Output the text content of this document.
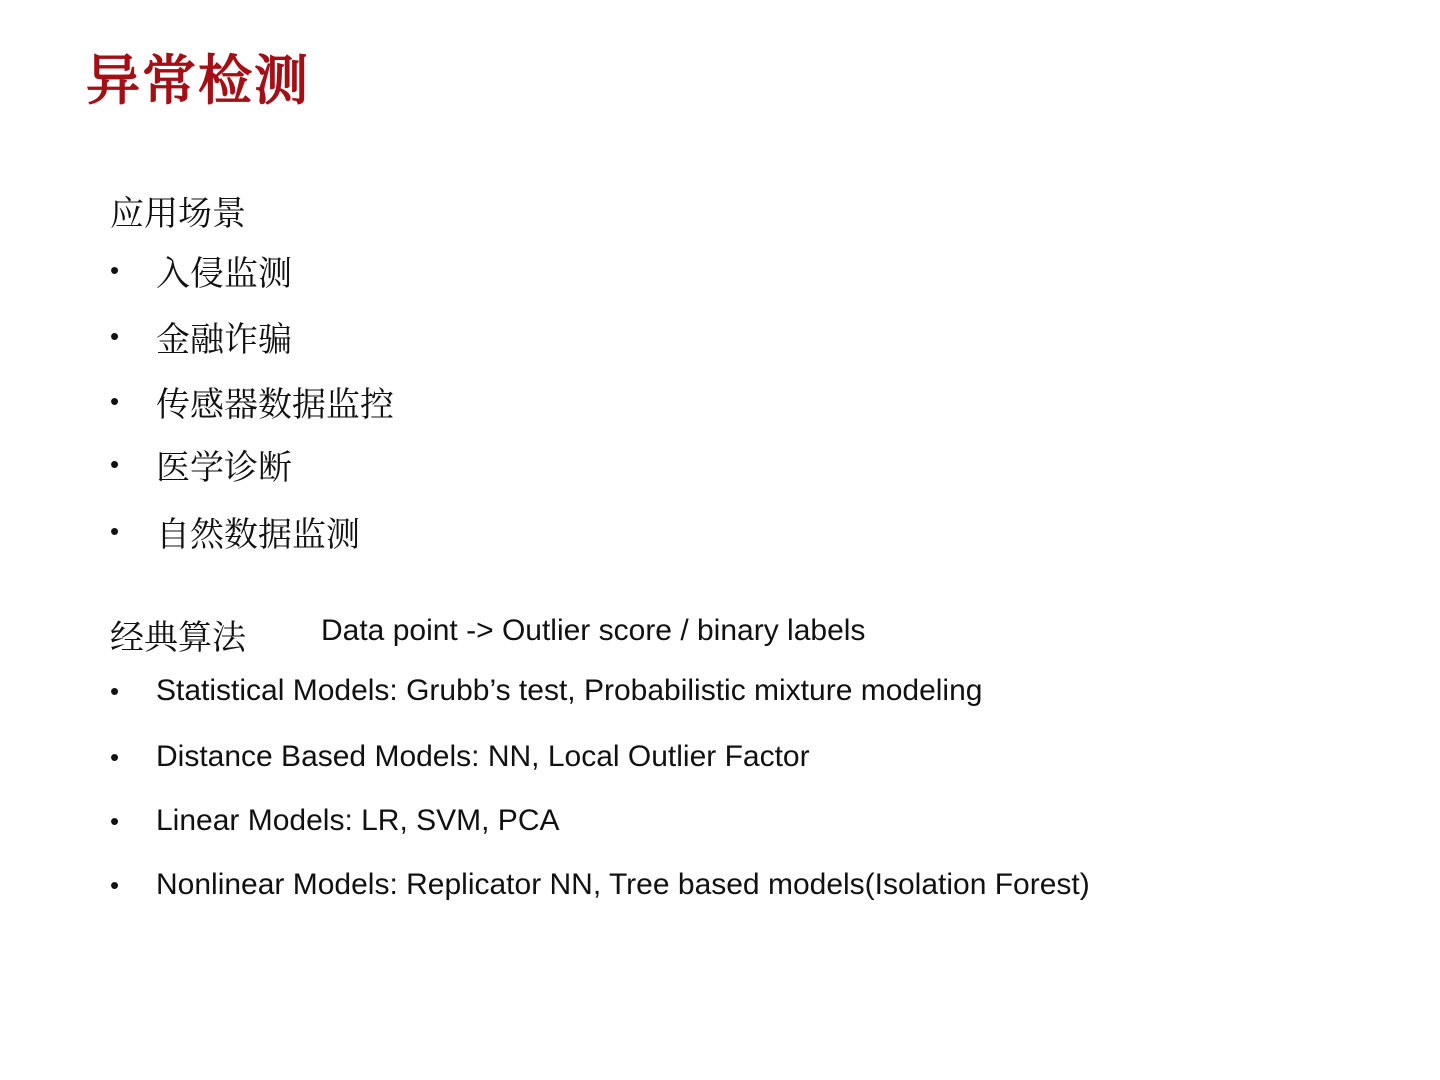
异常检测
应用场景
•	入侵监测
•	金融诈骗
•	传感器数据监控
•	医学诊断
•	自然数据监测
经典算法	Data point -> Outlier score / binary labels
•	Statistical Models: Grubb’s test, Probabilistic mixture modeling
•	Distance Based Models: NN, Local Outlier Factor
•	Linear Models: LR, SVM, PCA
•	Nonlinear Models: Replicator NN, Tree based models(Isolation Forest)
